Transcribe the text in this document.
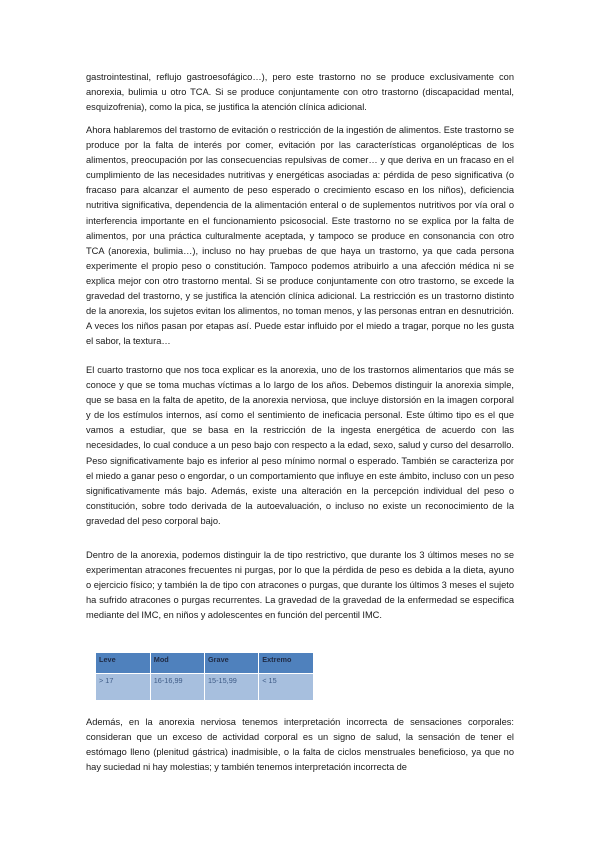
gastrointestinal, reflujo gastroesofágico…), pero este trastorno no se produce exclusivamente con anorexia, bulimia u otro TCA. Si se produce conjuntamente con otro trastorno (discapacidad mental, esquizofrenia), como la pica, se justifica la atención clínica adicional.

Ahora hablaremos del trastorno de evitación o restricción de la ingestión de alimentos. Este trastorno se produce por la falta de interés por comer, evitación por las características organolépticas de los alimentos, preocupación por las consecuencias repulsivas de comer… y que deriva en un fracaso en el cumplimiento de las necesidades nutritivas y energéticas asociadas a: pérdida de peso significativa (o fracaso para alcanzar el aumento de peso esperado o crecimiento escaso en los niños), deficiencia nutritiva significativa, dependencia de la alimentación enteral o de suplementos nutritivos por vía oral o interferencia importante en el funcionamiento psicosocial. Este trastorno no se explica por la falta de alimentos, por una práctica culturalmente aceptada, y tampoco se produce en consonancia con otro TCA (anorexia, bulimia…), incluso no hay pruebas de que haya un trastorno, ya que cada persona experimente el propio peso o constitución. Tampoco podemos atribuirlo a una afección médica ni se explica mejor con otro trastorno mental. Si se produce conjuntamente con otro trastorno, se excede la gravedad del trastorno, y se justifica la atención clínica adicional. La restricción es un trastorno distinto de la anorexia, los sujetos evitan los alimentos, no toman menos, y las personas entran en desnutrición. A veces los niños pasan por etapas así. Puede estar influido por el miedo a tragar, porque no les gusta el sabor, la textura…

El cuarto trastorno que nos toca explicar es la anorexia, uno de los trastornos alimentarios que más se conoce y que se toma muchas víctimas a lo largo de los años. Debemos distinguir la anorexia simple, que se basa en la falta de apetito, de la anorexia nerviosa, que incluye distorsión en la imagen corporal y de los estímulos internos, así como el sentimiento de ineficacia personal. Este último tipo es el que vamos a estudiar, que se basa en la restricción de la ingesta energética de acuerdo con las necesidades, lo cual conduce a un peso bajo con respecto a la edad, sexo, salud y curso del desarrollo. Peso significativamente bajo es inferior al peso mínimo normal o esperado. También se caracteriza por el miedo a ganar peso o engordar, o un comportamiento que influye en este ámbito, incluso con un peso significativamente más bajo. Además, existe una alteración en la percepción individual del peso o constitución, sobre todo derivada de la autoevaluación, o incluso no existe un reconocimiento de la gravedad del peso corporal bajo.

Dentro de la anorexia, podemos distinguir la de tipo restrictivo, que durante los 3 últimos meses no se experimentan atracones frecuentes ni purgas, por lo que la pérdida de peso es debida a la dieta, ayuno o ejercicio físico; y también la de tipo con atracones o purgas, que durante los últimos 3 meses el sujeto ha sufrido atracones o purgas recurrentes. La gravedad de la gravedad de la enfermedad se especifica mediante del IMC, en niños y adolescentes en función del percentil IMC.

Leve	Mod	Grave	Extremo
> 17	16-16,99	15-15,99	< 15

Además, en la anorexia nerviosa tenemos interpretación incorrecta de sensaciones corporales: consideran que un exceso de actividad corporal es un signo de salud, la sensación de tener el estómago lleno (plenitud gástrica) inadmisible, o la falta de ciclos menstruales beneficioso, ya que no hay suciedad ni hay molestias; y también tenemos interpretación incorrecta de
